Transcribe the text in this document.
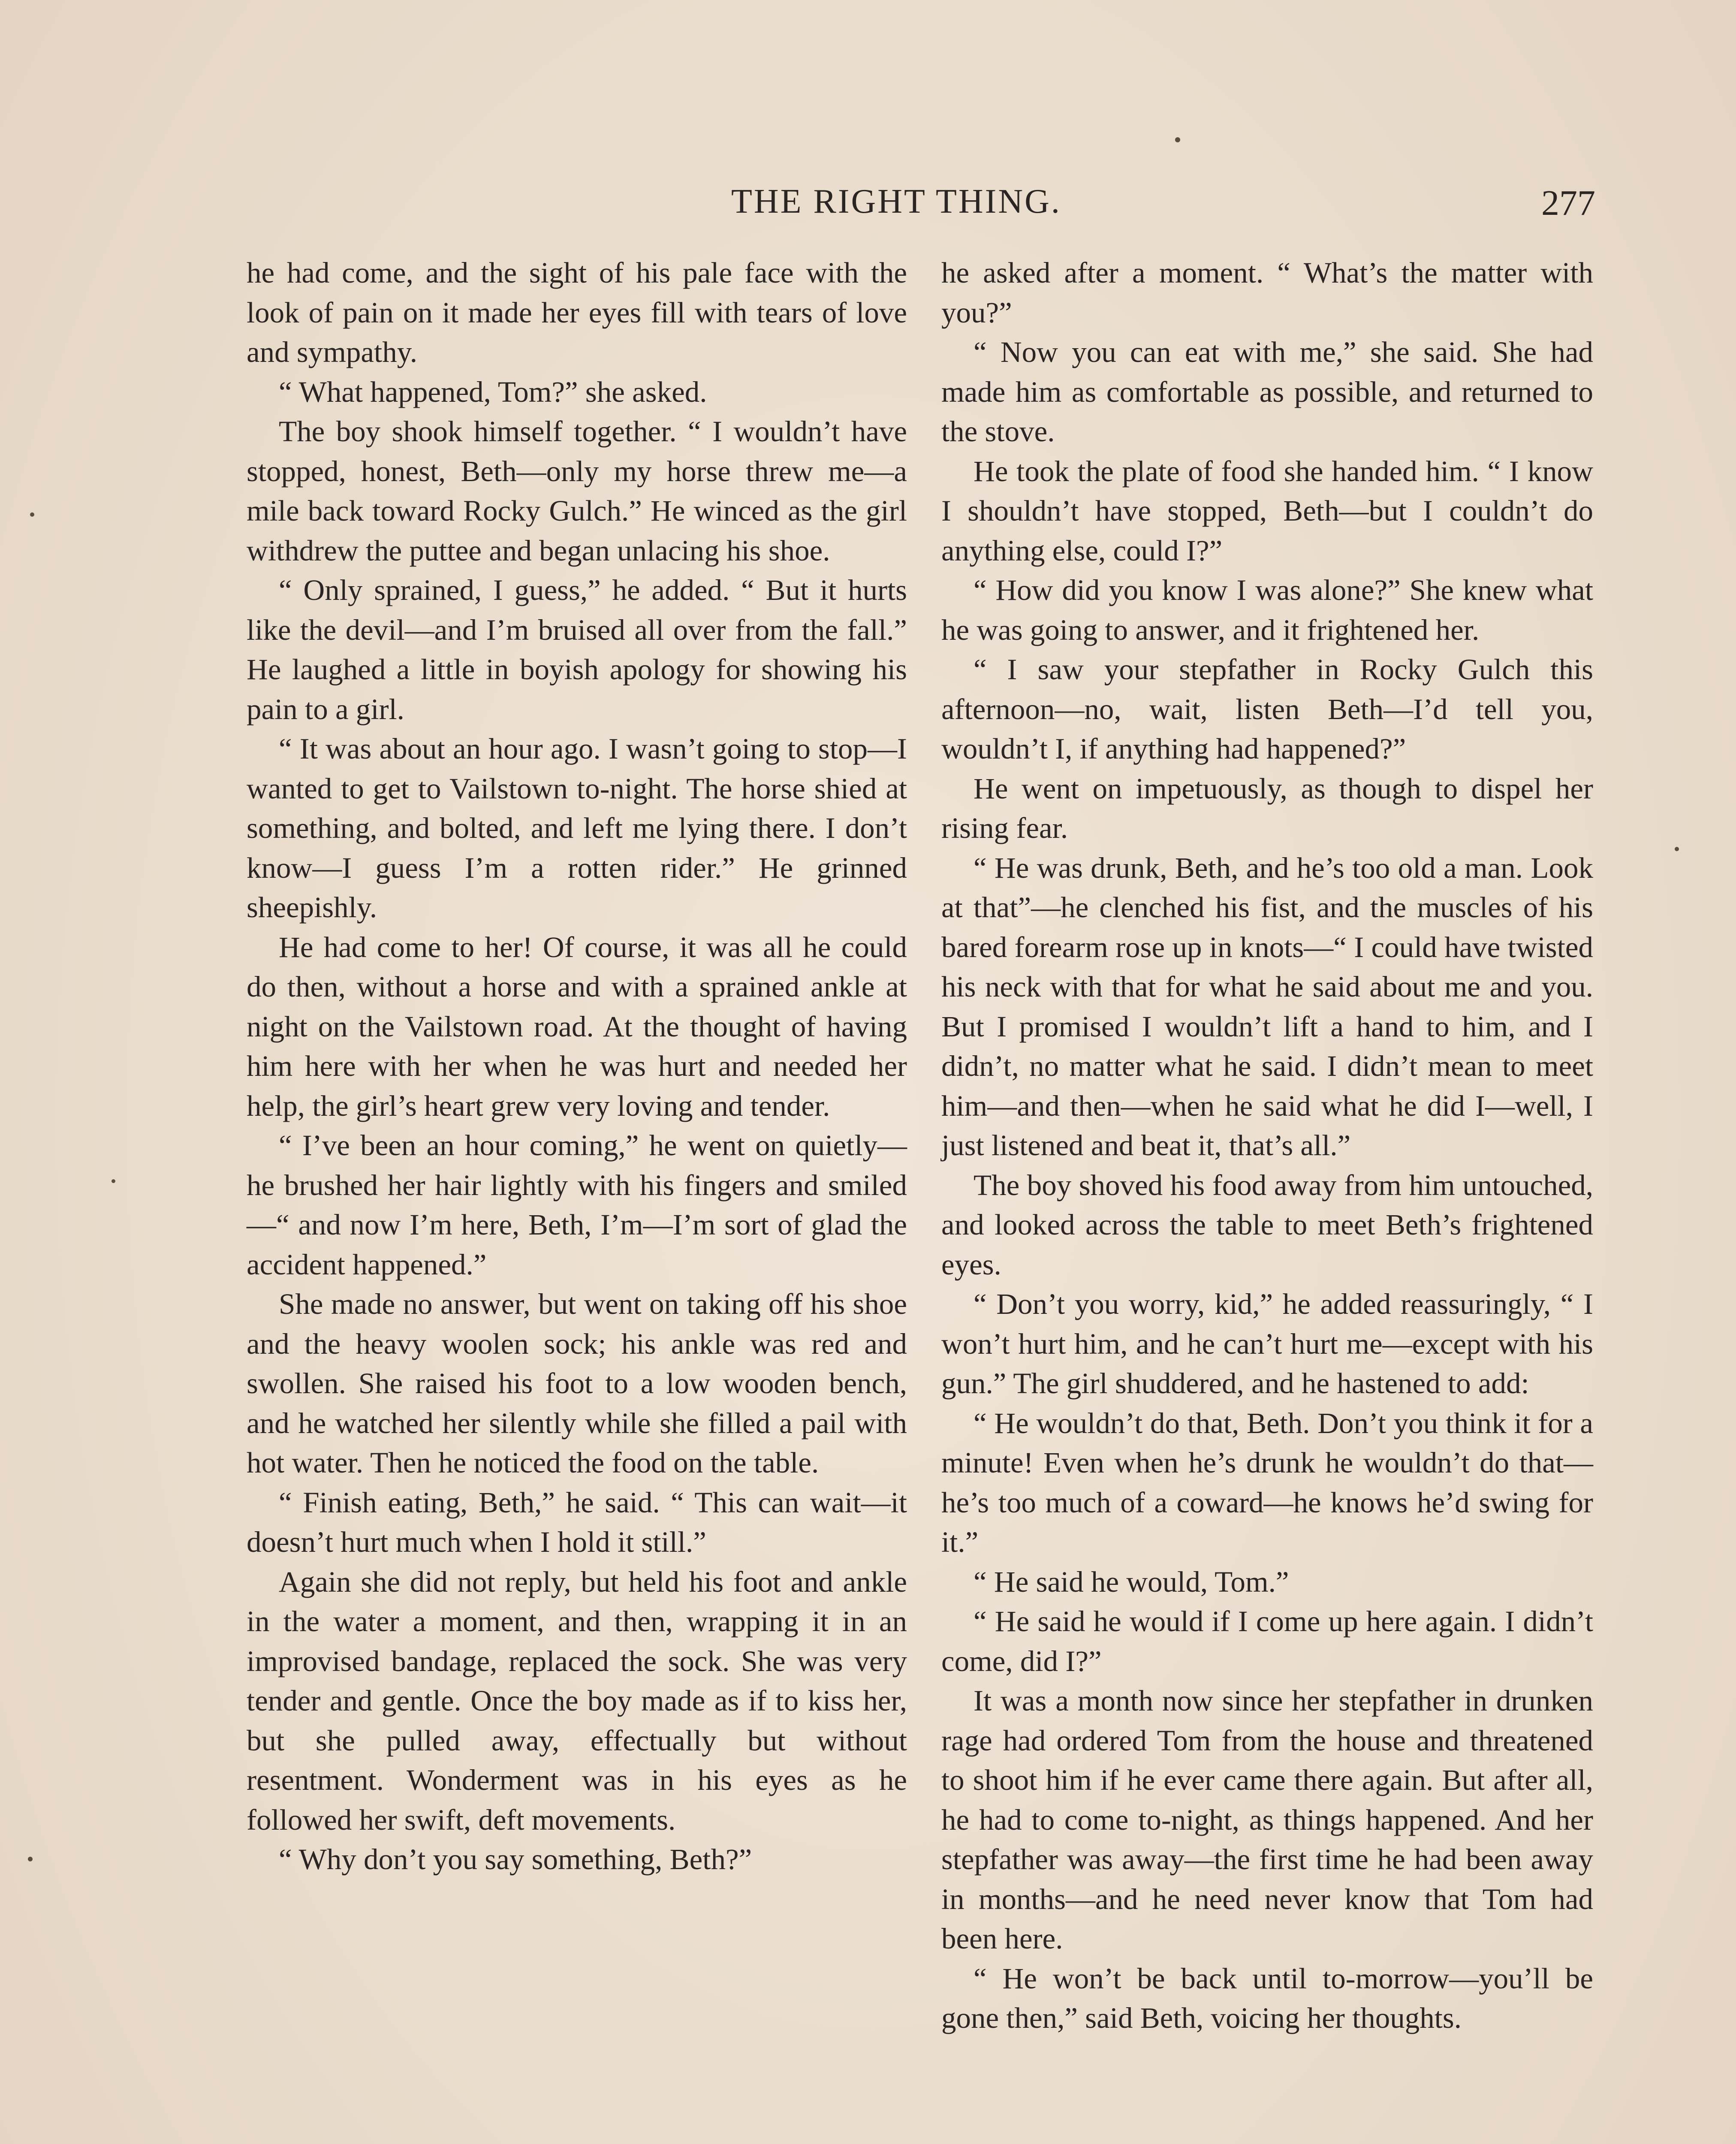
THE RIGHT THING.	277

he had come, and the sight of his pale face with the look of pain on it made her eyes fill with tears of love and sympathy.

“ What happened, Tom?” she asked.

The boy shook himself together. “ I wouldn’t have stopped, honest, Beth—only my horse threw me—a mile back toward Rocky Gulch.” He winced as the girl withdrew the puttee and began unlacing his shoe.

“ Only sprained, I guess,” he added. “ But it hurts like the devil—and I’m bruised all over from the fall.” He laughed a little in boyish apology for showing his pain to a girl.

“ It was about an hour ago. I wasn’t going to stop—I wanted to get to Vailstown to-night. The horse shied at something, and bolted, and left me lying there. I don’t know—I guess I’m a rotten rider.” He grinned sheepishly.

He had come to her! Of course, it was all he could do then, without a horse and with a sprained ankle at night on the Vailstown road. At the thought of having him here with her when he was hurt and needed her help, the girl’s heart grew very loving and tender.

“ I’ve been an hour coming,” he went on quietly—he brushed her hair lightly with his fingers and smiled—“ and now I’m here, Beth, I’m—I’m sort of glad the accident happened.”

She made no answer, but went on taking off his shoe and the heavy woolen sock; his ankle was red and swollen. She raised his foot to a low wooden bench, and he watched her silently while she filled a pail with hot water. Then he noticed the food on the table.

“ Finish eating, Beth,” he said. “ This can wait—it doesn’t hurt much when I hold it still.”

Again she did not reply, but held his foot and ankle in the water a moment, and then, wrapping it in an improvised bandage, replaced the sock. She was very tender and gentle. Once the boy made as if to kiss her, but she pulled away, effectually but without resentment. Wonderment was in his eyes as he followed her swift, deft movements.

“ Why don’t you say something, Beth?”

he asked after a moment. “ What’s the matter with you?”

“ Now you can eat with me,” she said. She had made him as comfortable as possible, and returned to the stove.

He took the plate of food she handed him. “ I know I shouldn’t have stopped, Beth—but I couldn’t do anything else, could I?”

“ How did you know I was alone?” She knew what he was going to answer, and it frightened her.

“ I saw your stepfather in Rocky Gulch this afternoon—no, wait, listen Beth—I’d tell you, wouldn’t I, if anything had happened?”

He went on impetuously, as though to dispel her rising fear.

“ He was drunk, Beth, and he’s too old a man. Look at that”—he clenched his fist, and the muscles of his bared forearm rose up in knots—“ I could have twisted his neck with that for what he said about me and you. But I promised I wouldn’t lift a hand to him, and I didn’t, no matter what he said. I didn’t mean to meet him—and then—when he said what he did I—well, I just listened and beat it, that’s all.”

The boy shoved his food away from him untouched, and looked across the table to meet Beth’s frightened eyes.

“ Don’t you worry, kid,” he added reassuringly, “ I won’t hurt him, and he can’t hurt me—except with his gun.” The girl shuddered, and he hastened to add:

“ He wouldn’t do that, Beth. Don’t you think it for a minute! Even when he’s drunk he wouldn’t do that—he’s too much of a coward—he knows he’d swing for it.”

“ He said he would, Tom.”

“ He said he would if I come up here again. I didn’t come, did I?”

It was a month now since her stepfather in drunken rage had ordered Tom from the house and threatened to shoot him if he ever came there again. But after all, he had to come to-night, as things happened. And her stepfather was away—the first time he had been away in months—and he need never know that Tom had been here.

“ He won’t be back until to-morrow—you’ll be gone then,” said Beth, voicing her thoughts.
